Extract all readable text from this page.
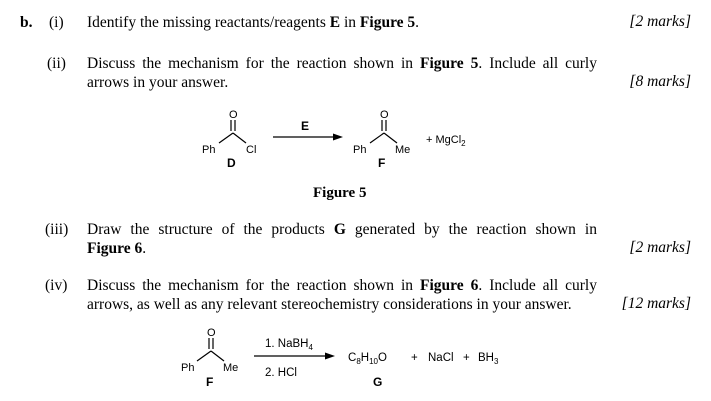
b. (i) Identify the missing reactants/reagents E in Figure 5.	[2 marks]
(ii) Discuss the mechanism for the reaction shown in Figure 5. Include all curly
arrows in your answer.	[8 marks]
(iii) Draw the structure of the products G generated by the reaction shown in
Figure 6.	[2 marks]
(iv) Discuss the mechanism for the reaction shown in Figure 6. Include all curly
arrows, as well as any relevant stereochemistry considerations in your answer.	[12 marks]
O
Ph	Cl
D
E
O
Ph	Me
F
+ MgCl$_2$
Figure 5
O
Ph	Me
F
1. NaBH$_4$
2. HCl
$C_8H_{10}O$ + NaCl + $BH_3$
G
